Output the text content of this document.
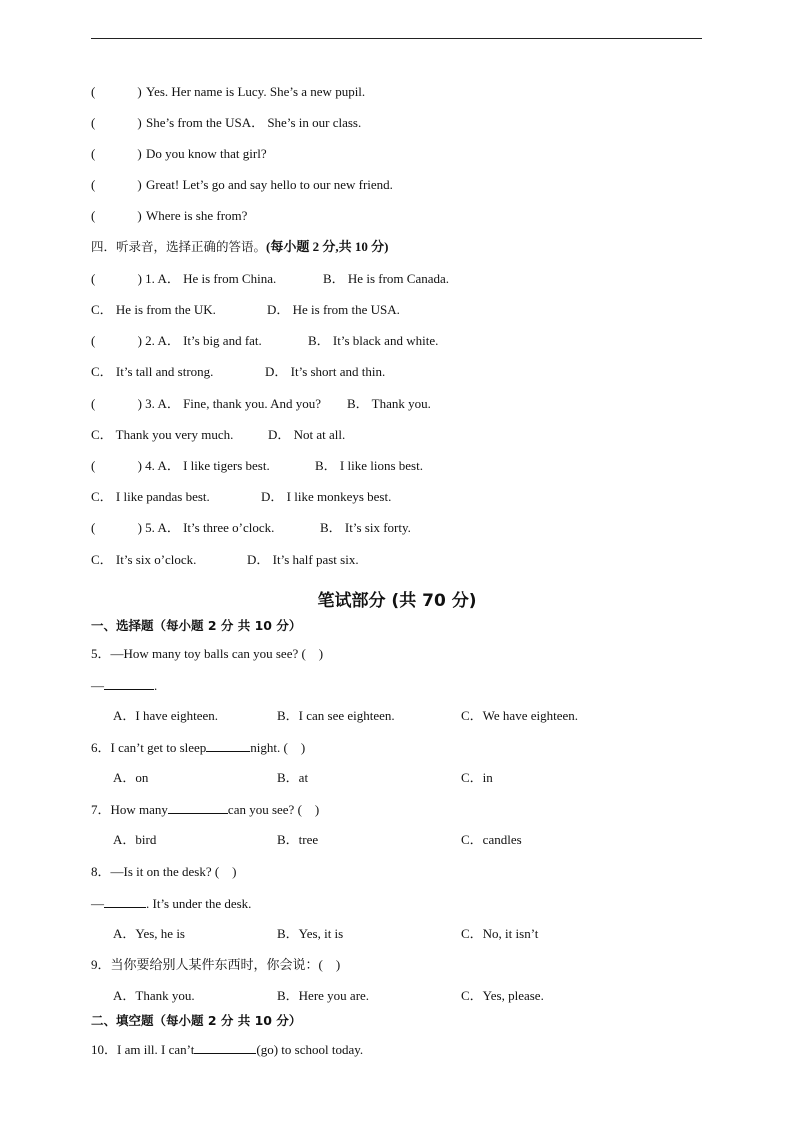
(	) Yes. Her name is Lucy. She’s a new pupil.
(	) She’s from the USA． She’s in our class.
(	) Do you know that girl?
(	) Great! Let’s go and say hello to our new friend.
(	) Where is she from?
四．听录音，选择正确的答语。(每小题 2 分,共 10 分)
( 　　　) 1. A． He is from China.	B． He is from Canada.
C． He is from the UK.	D． He is from the USA.
( 　　　) 2. A． It’s big and fat.	B． It’s black and white.
C． It’s tall and strong.	D． It’s short and thin.
( 　　　) 3. A． Fine, thank you. And you? B． Thank you.
C． Thank you very much.	D． Not at all.
( 　　　) 4. A． I like tigers best.	B． I like lions best.
C． I like pandas best.	D． I like monkeys best.
( 　　　) 5. A． It’s three o’clock.	B． It’s six forty.
C． It’s six o’clock.	D． It’s half past six.
笔试部分 (共 70 分)
一、选择题（每小题 2 分 共 10 分）
5．—How many toy balls can you see? (　)
—	.
A．I have eighteen.	B．I can see eighteen.	C．We have eighteen.
6．I can’t get to sleep	night. (　)
A．on	B．at	C．in
7．How many	can you see? (　)
A．bird	B．tree	C．candles
8．—Is it on the desk? (　)
—	. It’s under the desk.
A．Yes, he is	B．Yes, it is	C．No, it isn’t
9．当你要给别人某件东西时，你会说：(　)
A．Thank you.	B．Here you are.	C．Yes, please.
二、填空题（每小题 2 分 共 10 分）
10．I am ill. I can’t	(go) to school today.
